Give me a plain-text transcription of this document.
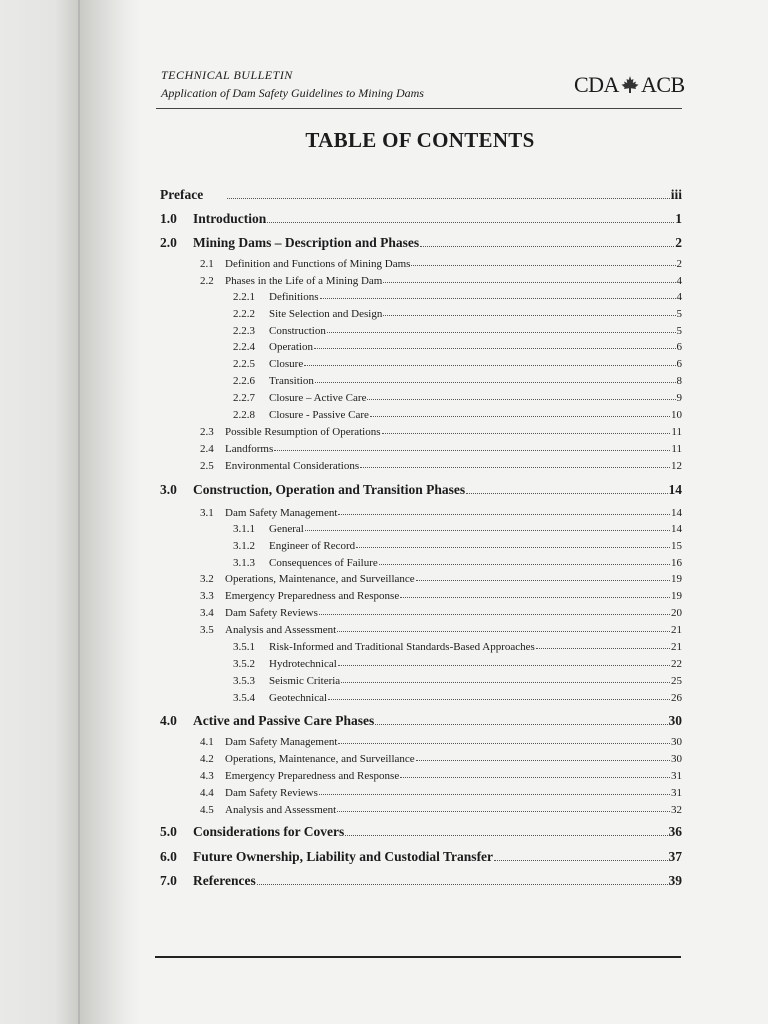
TECHNICAL BULLETIN
Application of Dam Safety Guidelines to Mining Dams	CDA ACB
TABLE OF CONTENTS
Preface	iii
1.0	Introduction	1
2.0	Mining Dams – Description and Phases	2
2.1	Definition and Functions of Mining Dams	2
2.2	Phases in the Life of a Mining Dam	4
2.2.1	Definitions	4
2.2.2	Site Selection and Design	5
2.2.3	Construction	5
2.2.4	Operation	6
2.2.5	Closure	6
2.2.6	Transition	8
2.2.7	Closure – Active Care	9
2.2.8	Closure - Passive Care	10
2.3	Possible Resumption of Operations	11
2.4	Landforms	11
2.5	Environmental Considerations	12
3.0	Construction, Operation and Transition Phases	14
3.1	Dam Safety Management	14
3.1.1	General	14
3.1.2	Engineer of Record	15
3.1.3	Consequences of Failure	16
3.2	Operations, Maintenance, and Surveillance	19
3.3	Emergency Preparedness and Response	19
3.4	Dam Safety Reviews	20
3.5	Analysis and Assessment	21
3.5.1	Risk-Informed and Traditional Standards-Based Approaches	21
3.5.2	Hydrotechnical	22
3.5.3	Seismic Criteria	25
3.5.4	Geotechnical	26
4.0	Active and Passive Care Phases	30
4.1	Dam Safety Management	30
4.2	Operations, Maintenance, and Surveillance	30
4.3	Emergency Preparedness and Response	31
4.4	Dam Safety Reviews	31
4.5	Analysis and Assessment	32
5.0	Considerations for Covers	36
6.0	Future Ownership, Liability and Custodial Transfer	37
7.0	References	39
